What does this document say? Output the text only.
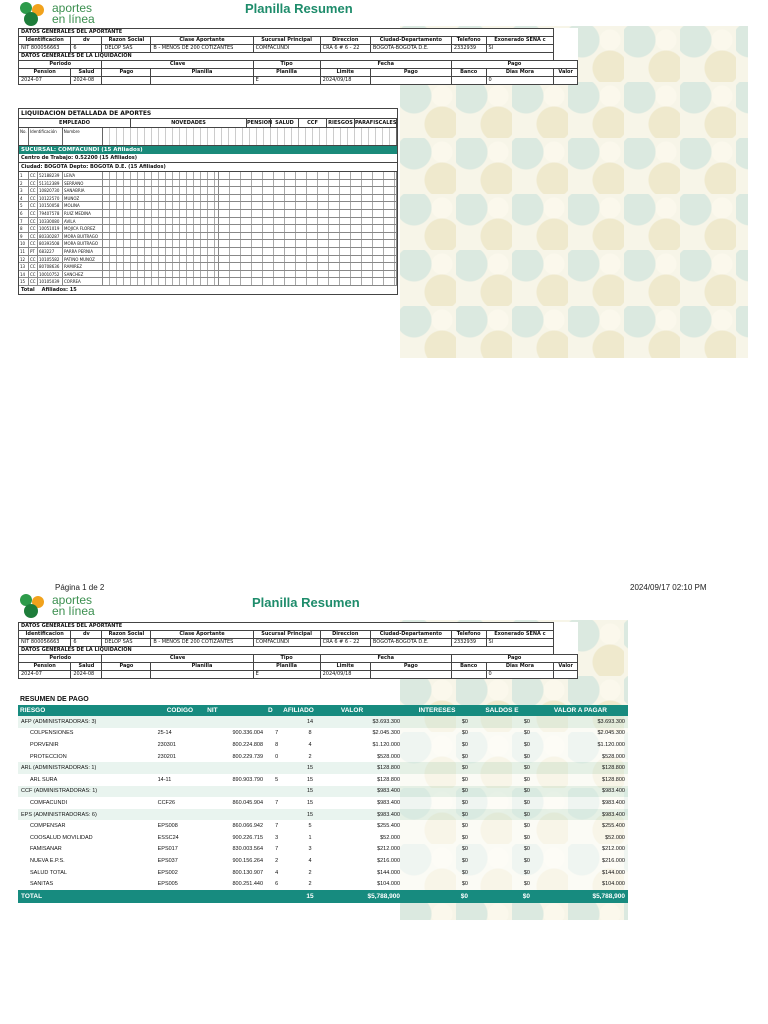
aportes
en línea
Planilla Resumen
DATOS GENERALES DEL APORTANTE									
Identificacion	dv	Razon Social	Clase Aportante	Sucursal Principal	Direccion	Ciudad-Departamento	Telefono	Exonerado SENA c	
NIT 800056663	6	DELOP SAS	B - MENOS DE 200 COTIZANTES	COMFACUNDI	CRA 6 # 6 - 22	BOGOTA-BOGOTA D.E.	2332939	SI	
DATOS GENERALES DE LA LIQUIDACION									
Periodo		Clave		Tipo	Fecha		Pago		
Pension	Salud	Pago	Planilla	Planilla	Limite	Pago	Banco	Dias Mora	Valor
2024-07	2024-08			E	2024/09/18			0	
LIQUIDACION DETALLADA DE APORTES
EMPLEADO	NOVEDADES	PENSION SALUD	CCF	RIESGOS PARAFISCALES
No. Identificación	Nombre
SUCURSAL: COMFACUNDI (15 Afiliados)
Centro de Trabajo: 0.52200 (15 Afiliados)
Ciudad: BOGOTA Depto: BOGOTA D.E. (15 Afiliados)
1	CC 52188239	LEIVA
2	CC 51312389	SERRANO
3	CC 10820730	SANABRIA
4	CC 10122570	MUNOZ
5	CC 10150058	MOLINA
6	CC 79407578	RUIZ MEDINA
7	CC 10330080	AVILA
8	CC 10051019	MOJICA FLOREZ
9	CC 80330287	MORA BUITRAGO
10	CC 80393508	MORA BUITRAGO
11	PT	683227	PARRA PERNIA
12	CC 10105582	PATINO MUNOZ
13	CC 80708636	RAMIREZ
14	CC 10010752	SANCHEZ
15	CC 10105039	CORREA
Total Afiliados: 15
Página 1 de 2	2024/09/17 02:10 PM
aportes
en línea
Planilla Resumen
DATOS GENERALES DEL APORTANTE									
Identificacion	dv	Razon Social	Clase Aportante	Sucursal Principal	Direccion	Ciudad-Departamento	Telefono	Exonerado SENA c	
NIT 800056663	6	DELOP SAS	B - MENOS DE 200 COTIZANTES	COMFACUNDI	CRA 6 # 6 - 22	BOGOTA-BOGOTA D.E.	2332939	SI	
DATOS GENERALES DE LA LIQUIDACION									
Periodo		Clave		Tipo	Fecha		Pago		
Pension	Salud	Pago	Planilla	Planilla	Limite	Pago	Banco	Dias Mora	Valor
2024-07	2024-08			E	2024/09/18			0	
RESUMEN DE PAGO
RIESGO	CODIGO	NIT	D	AFILIADO	VALOR	INTERESES	SALDOS E	VALOR A PAGAR
AFP (ADMINISTRADORAS: 3)				14	$3.693.300	$0	$0	$3.693.300
COLPENSIONES	25-14	900.336.004	7	8	$2.045.300	$0	$0	$2.045.300
PORVENIR	230301	800.224.808	8	4	$1.120.000	$0	$0	$1.120.000
PROTECCION	230201	800.229.739	0	2	$528.000	$0	$0	$528.000
ARL (ADMINISTRADORAS: 1)				15	$128.800	$0	$0	$128.800
ARL SURA	14-11	890.903.790	5	15	$128.800	$0	$0	$128.800
CCF (ADMINISTRADORAS: 1)				15	$983.400	$0	$0	$983.400
COMFACUNDI	CCF26	860.045.904	7	15	$983.400	$0	$0	$983.400
EPS (ADMINISTRADORAS: 6)				15	$983.400	$0	$0	$983.400
COMPENSAR	EPS008	860.066.942	7	5	$255.400	$0	$0	$255.400
COOSALUD MOVILIDAD	ESSC24	900.226.715	3	1	$52.000	$0	$0	$52.000
FAMISANAR	EPS017	830.003.564	7	3	$212.000	$0	$0	$212.000
NUEVA E.P.S.	EPS037	900.156.264	2	4	$216.000	$0	$0	$216.000
SALUD TOTAL	EPS002	800.130.907	4	2	$144.000	$0	$0	$144.000
SANITAS	EPS005	800.251.440	6	2	$104.000	$0	$0	$104.000
TOTAL				15	$5,788,900	$0	$0	$5,788,900
